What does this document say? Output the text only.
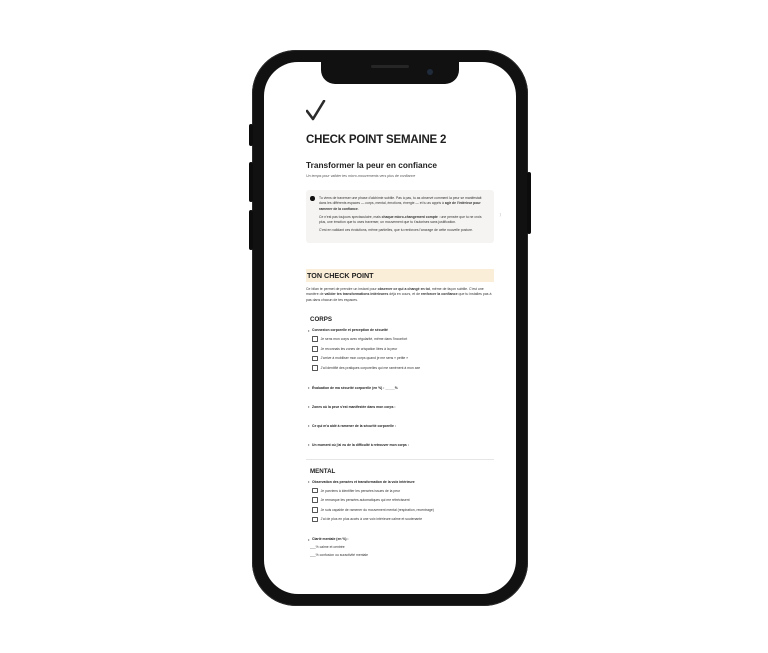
CHECK POINT SEMAINE 2
Transformer la peur en confiance
Un temps pour valider tes micro-mouvements vers plus de confiance
⟩

Tu viens de traverser une phase d'alchimie subtile. Pas à pas, tu as observé comment la peur se manifestait dans les différents espaces — corps, mental, émotions, énergie — et tu as appris à agir de l'intérieur pour ramener de la confiance.

Ce n'est pas toujours spectaculaire, mais chaque micro-changement compte : une pensée que tu ne crois plus, une émotion que tu oses traverser, un mouvement que tu t'autorises sans justification.

C'est en validant ces évolutions, même partielles, que tu renforces l'ancrage de cette nouvelle posture.

TON CHECK POINT
Ce bilan te permet de prendre un instant pour observer ce qui a changé en toi, même de façon subtile. C'est une manière de valider tes transformations intérieures déjà en cours, et de renforcer la confiance que tu installes pas à pas dans chacun de tes espaces.
CORPS
• Connexion corporelle et perception de sécurité
Je sens mon corps avec régularité, même dans l'inconfort
Je reconnais les zones de crispation liées à la peur
J'arrive à mobiliser mon corps quand je me sens « petite »
J'ai identifié des pratiques corporelles qui me ramènent à mon axe
• Évaluation de ma sécurité corporelle (en %) : _____%
• Zones où la peur s'est manifestée dans mon corps :
• Ce qui m'a aidé à ramener de la sécurité corporelle :
• Un moment où j'ai eu de la difficulté à retrouver mon corps :
MENTAL
• Observation des pensées et transformation de la voix intérieure
Je parviens à identifier les pensées issues de la peur
Je remarque les pensées automatiques qui me rétrécissent
Je suis capable de ramener du mouvement mental (respiration, recentrage)
J'ai de plus en plus accès à une voix intérieure calme et soutenante
• Clarté mentale (en %) :
___% calme et centrée
___% confusion ou suractivité mentale
